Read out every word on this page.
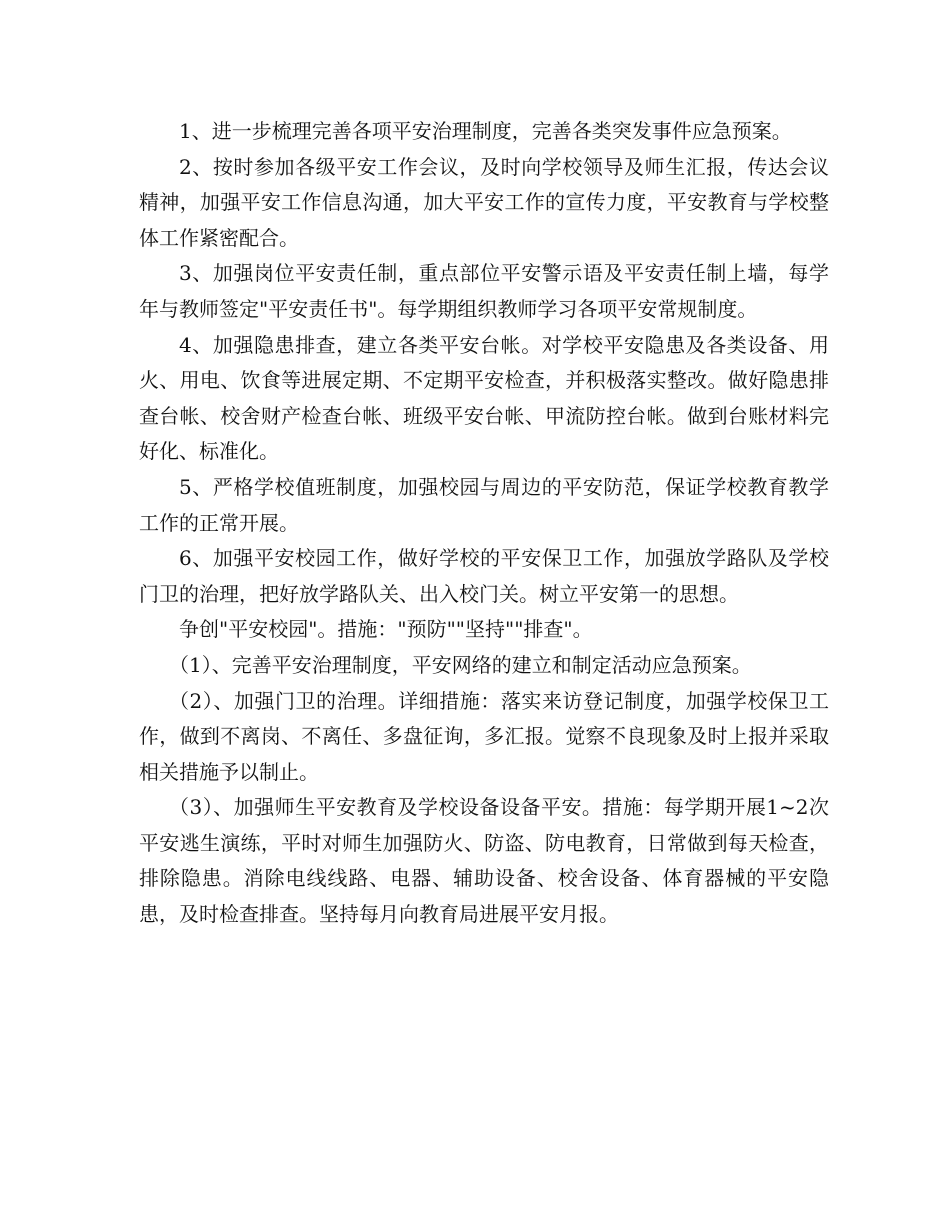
1、进一步梳理完善各项平安治理制度，完善各类突发事件应急预案。

2、按时参加各级平安工作会议，及时向学校领导及师生汇报，传达会议精神，加强平安工作信息沟通，加大平安工作的宣传力度，平安教育与学校整体工作紧密配合。

3、加强岗位平安责任制，重点部位平安警示语及平安责任制上墙，每学年与教师签定"平安责任书"。每学期组织教师学习各项平安常规制度。

4、加强隐患排查，建立各类平安台帐。对学校平安隐患及各类设备、用火、用电、饮食等进展定期、不定期平安检查，并积极落实整改。做好隐患排查台帐、校舍财产检查台帐、班级平安台帐、甲流防控台帐。做到台账材料完好化、标准化。

5、严格学校值班制度，加强校园与周边的平安防范，保证学校教育教学工作的正常开展。

6、加强平安校园工作，做好学校的平安保卫工作，加强放学路队及学校门卫的治理，把好放学路队关、出入校门关。树立平安第一的思想。

争创"平安校园"。措施："预防""坚持""排查"。

（1）、完善平安治理制度，平安网络的建立和制定活动应急预案。

（2）、加强门卫的治理。详细措施：落实来访登记制度，加强学校保卫工作，做到不离岗、不离任、多盘征询，多汇报。觉察不良现象及时上报并采取相关措施予以制止。

（3）、加强师生平安教育及学校设备设备平安。措施：每学期开展1~2次平安逃生演练，平时对师生加强防火、防盗、防电教育，日常做到每天检查，排除隐患。消除电线线路、电器、辅助设备、校舍设备、体育器械的平安隐患，及时检查排查。坚持每月向教育局进展平安月报。
